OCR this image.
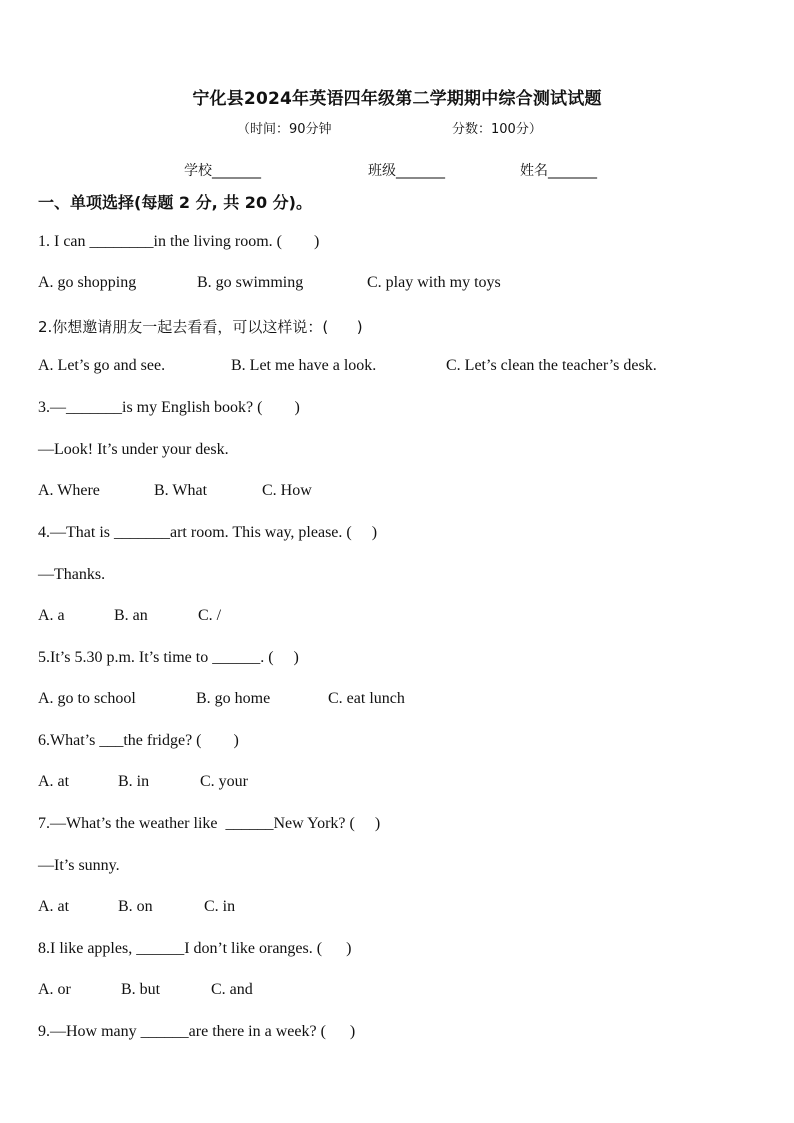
宁化县2024年英语四年级第二学期期中综合测试试题
（时间：90分钟	分数：100分）
学校_______	班级_______	姓名_______
一、单项选择(每题 2 分, 共 20 分)。
1. I can ________in the living room. (        )
A. go shopping	B. go swimming	C. play with my toys
2.你想邀请朋友一起去看看，可以这样说：(      )
A. Let’s go and see.	B. Let me have a look.	C. Let’s clean the teacher’s desk.
3.—_______is my English book? (        )
—Look! It’s under your desk.
A. Where	B. What	C. How
4.—That is _______art room. This way, please. (     )
—Thanks.
A. a	B. an	C. /
5.It’s 5.30 p.m. It’s time to ______. (     )
A. go to school	B. go home	C. eat lunch
6.What’s ___the fridge? (        )
A. at	B. in	C. your
7.—What’s the weather like  ______New York? (     )
—It’s sunny.
A. at	B. on	C. in
8.I like apples, ______I don’t like oranges. (      )
A. or	B. but	C. and
9.—How many ______are there in a week? (      )
